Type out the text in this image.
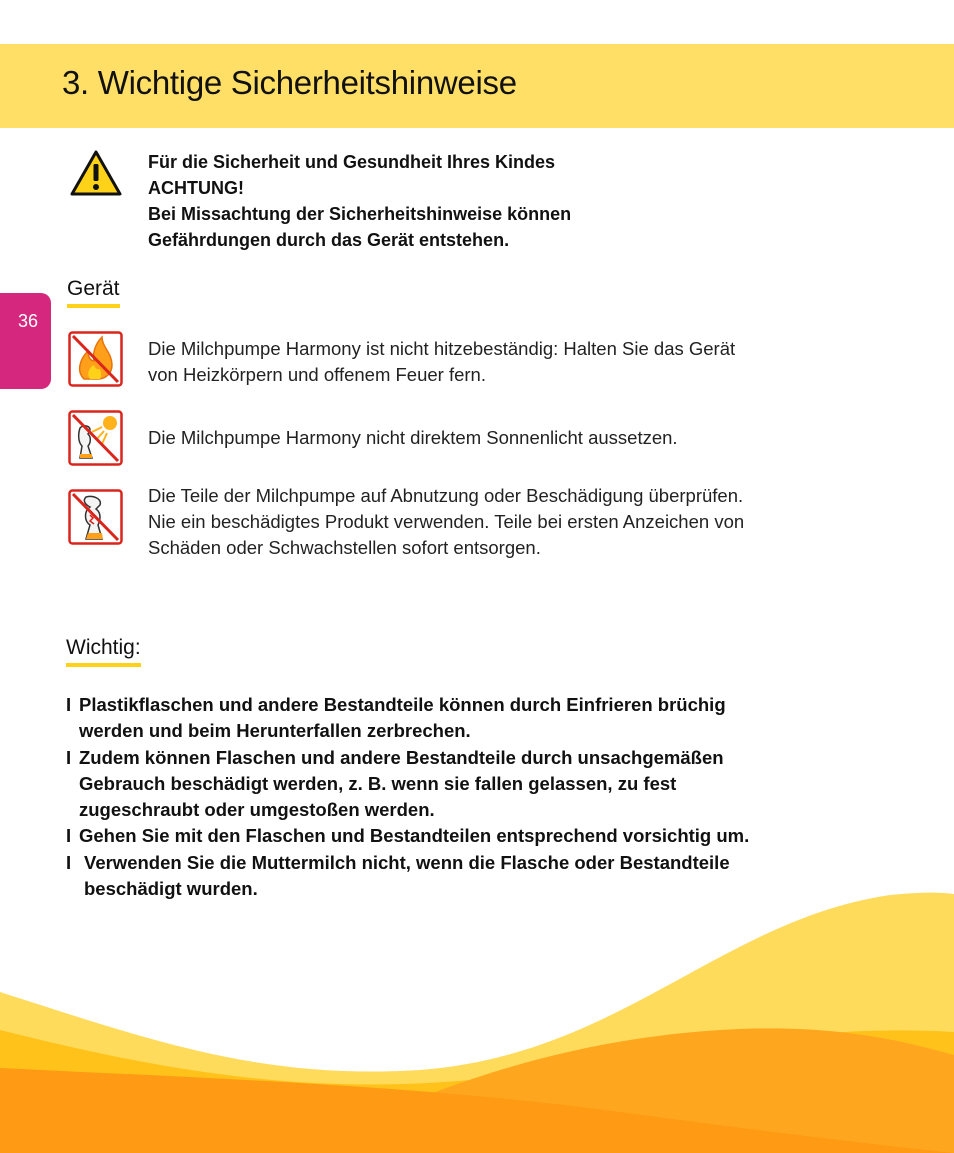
3. Wichtige Sicherheitshinweise
36
Für die Sicherheit und Gesundheit Ihres Kindes
ACHTUNG!
Bei Missachtung der Sicherheitshinweise können
Gefährdungen durch das Gerät entstehen.
Gerät
Die Milchpumpe Harmony ist nicht hitzebeständig: Halten Sie das Gerät
von Heizkörpern und offenem Feuer fern.
Die Milchpumpe Harmony nicht direktem Sonnenlicht aussetzen.
Die Teile der Milchpumpe auf Abnutzung oder Beschädigung überprüfen.
Nie ein beschädigtes Produkt verwenden. Teile bei ersten Anzeichen von
Schäden oder Schwachstellen sofort entsorgen.
Wichtig:
I Plastikflaschen und andere Bestandteile können durch Einfrieren brüchig
werden und beim Herunterfallen zerbrechen.
I Zudem können Flaschen und andere Bestandteile durch unsachgemäßen
Gebrauch beschädigt werden, z. B. wenn sie fallen gelassen, zu fest
zugeschraubt oder umgestoßen werden.
I Gehen Sie mit den Flaschen und Bestandteilen entsprechend vorsichtig um.
I Verwenden Sie die Muttermilch nicht, wenn die Flasche oder Bestandteile
beschädigt wurden.
